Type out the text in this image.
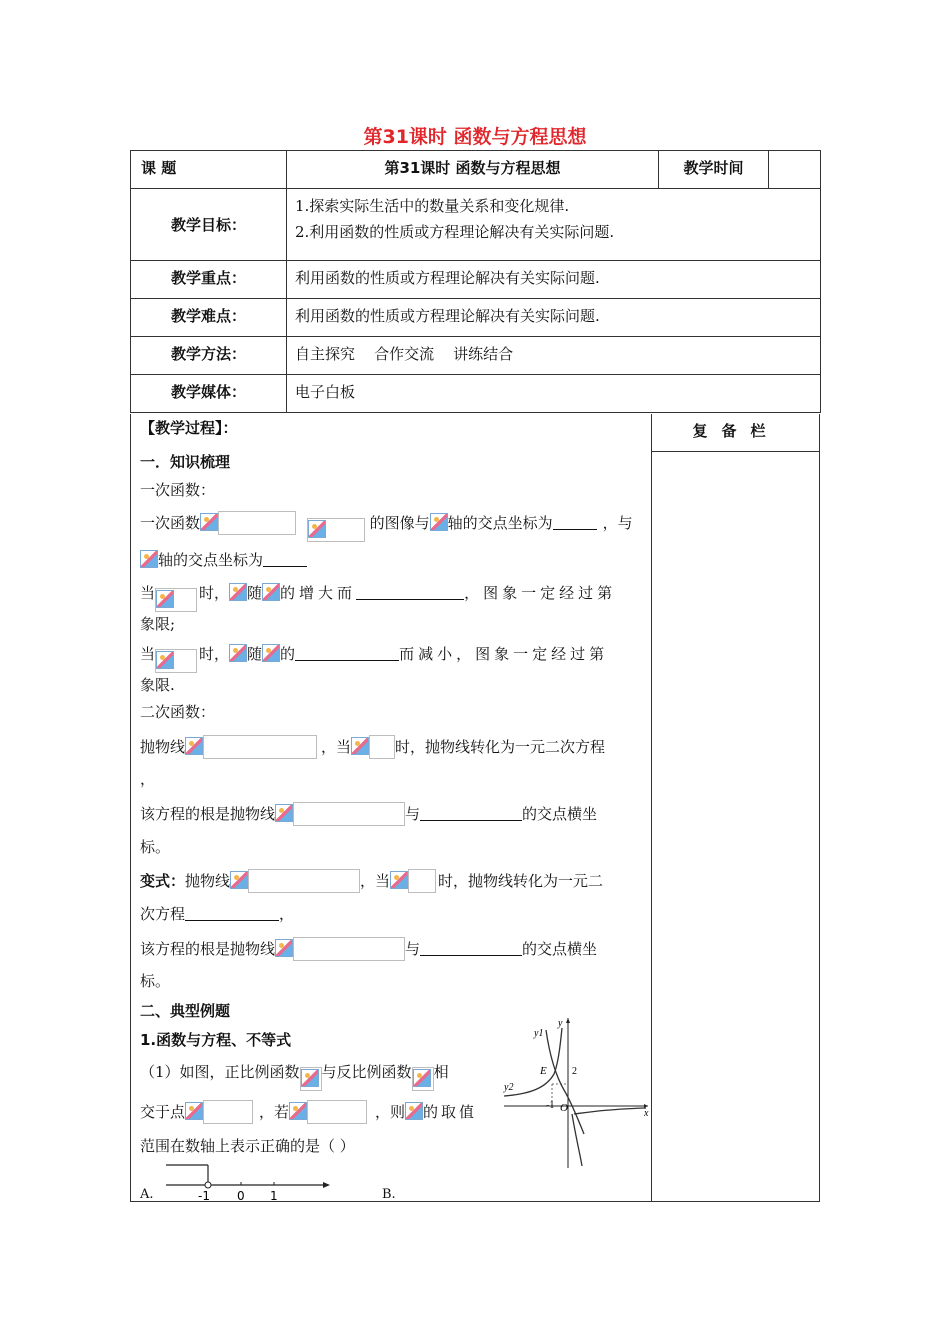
第31课时 函数与方程思想
课 题	第31课时 函数与方程思想	教学时间	
教学目标：	1.探索实际生活中的数量关系和变化规律.
2.利用函数的性质或方程理论解决有关实际问题.		

教学重点：	利用函数的性质或方程理论解决有关实际问题.		
教学难点：	利用函数的性质或方程理论解决有关实际问题.		
教学方法：	自主探究    合作交流    讲练结合		
教学媒体：	电子白板		
复备栏
【教学过程】：
一．知识梳理
一次函数：
一次函数	的图像与 轴的交点坐标为	，与
轴的交点坐标为
当	时， 随 的增大而	，图象一定经过第
象限;
当	时， 随 的	而减小，图象一定经过第
象限.
二次函数：
抛物线	，当	时，抛物线转化为一元二次方程
，
该方程的根是抛物线	与	的交点横坐
标。
变式：抛物线	，当	时，抛物线转化为一元二
次方程	，
该方程的根是抛物线	与	的交点横坐
标。
二、典型例题
1.函数与方程、不等式
（1）如图，正比例函数 与反比例函数 相
交于点	，若	，则 的取值
范围在数轴上表示正确的是（ ）
y1
y2
y
x
E	2
-1 O
-1 0 1
A.	B.
